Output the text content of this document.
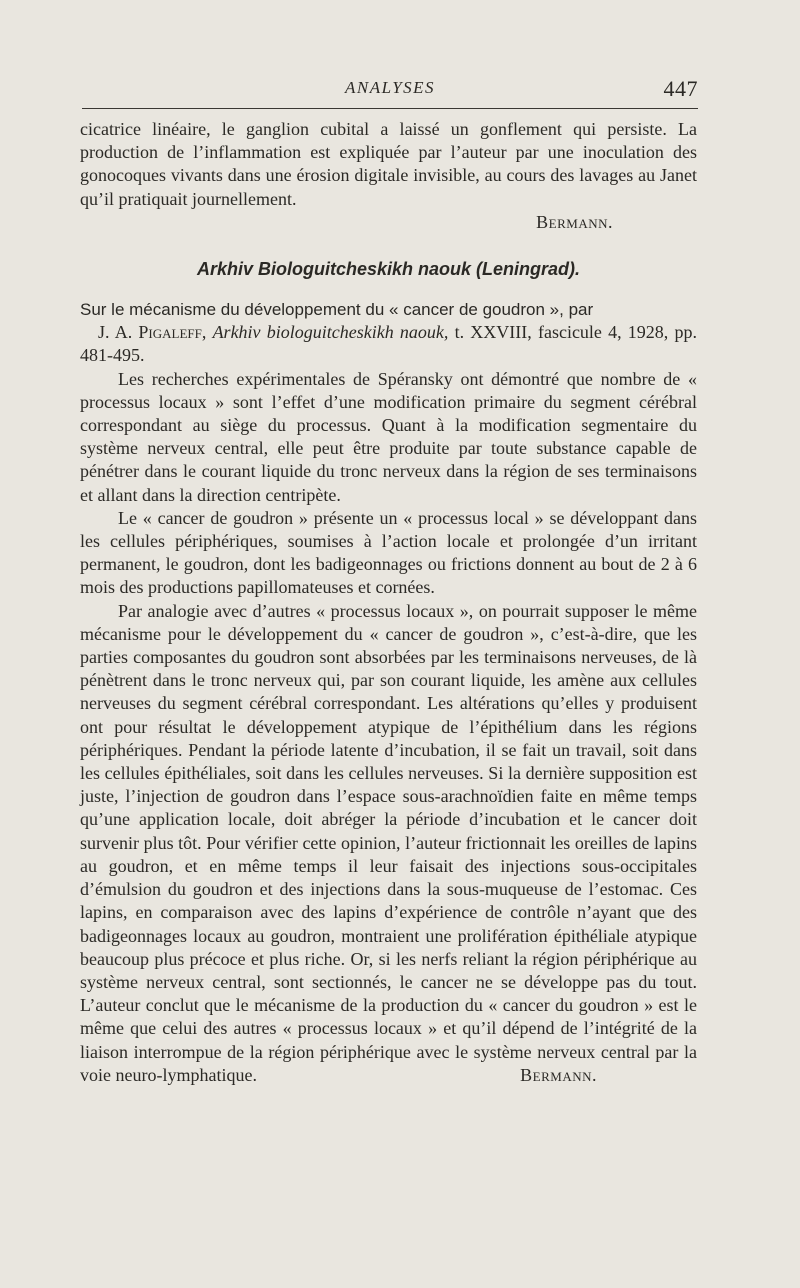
ANALYSES	447

cicatrice linéaire, le ganglion cubital a laissé un gonflement qui persiste. La production de l’inflammation est expliquée par l’auteur par une inoculation des gonocoques vivants dans une érosion digitale invisible, au cours des lavages au Janet qu’il pratiquait journellement.

Bermann.

Arkhiv Biologuitcheskikh naouk (Leningrad).

Sur le mécanisme du développement du « cancer de goudron », par

J. A. Pigaleff, Arkhiv biologuitcheskikh naouk, t. XXVIII, fascicule 4, 1928, pp. 481-495.

Les recherches expérimentales de Spéransky ont démontré que nombre de « processus locaux » sont l’effet d’une modification primaire du segment cérébral correspondant au siège du processus. Quant à la modification segmentaire du système nerveux central, elle peut être produite par toute substance capable de pénétrer dans le courant liquide du tronc nerveux dans la région de ses terminaisons et allant dans la direction centripète.

Le « cancer de goudron » présente un « processus local » se développant dans les cellules périphériques, soumises à l’action locale et prolongée d’un irritant permanent, le goudron, dont les badigeonnages ou frictions donnent au bout de 2 à 6 mois des productions papillomateuses et cornées.

Par analogie avec d’autres « processus locaux », on pourrait supposer le même mécanisme pour le développement du « cancer de goudron », c’est-à-dire, que les parties composantes du goudron sont absorbées par les terminaisons nerveuses, de là pénètrent dans le tronc nerveux qui, par son courant liquide, les amène aux cellules nerveuses du segment cérébral correspondant. Les altérations qu’elles y produisent ont pour résultat le développement atypique de l’épithélium dans les régions périphériques. Pendant la période latente d’incubation, il se fait un travail, soit dans les cellules épithéliales, soit dans les cellules nerveuses. Si la dernière supposition est juste, l’injection de goudron dans l’espace sous-arachnoïdien faite en même temps qu’une application locale, doit abréger la période d’incubation et le cancer doit survenir plus tôt. Pour vérifier cette opinion, l’auteur frictionnait les oreilles de lapins au goudron, et en même temps il leur faisait des injections sous-occipitales d’émulsion du goudron et des injections dans la sous-muqueuse de l’estomac. Ces lapins, en comparaison avec des lapins d’expérience de contrôle n’ayant que des badigeonnages locaux au goudron, montraient une prolifération épithéliale atypique beaucoup plus précoce et plus riche. Or, si les nerfs reliant la région périphérique au système nerveux central, sont sectionnés, le cancer ne se développe pas du tout. L’auteur conclut que le mécanisme de la production du « cancer du goudron » est le même que celui des autres « processus locaux » et qu’il dépend de l’intégrité de la liaison interrompue de la région périphérique avec le système nerveux central par la voie neuro-lymphatique.	Bermann.
